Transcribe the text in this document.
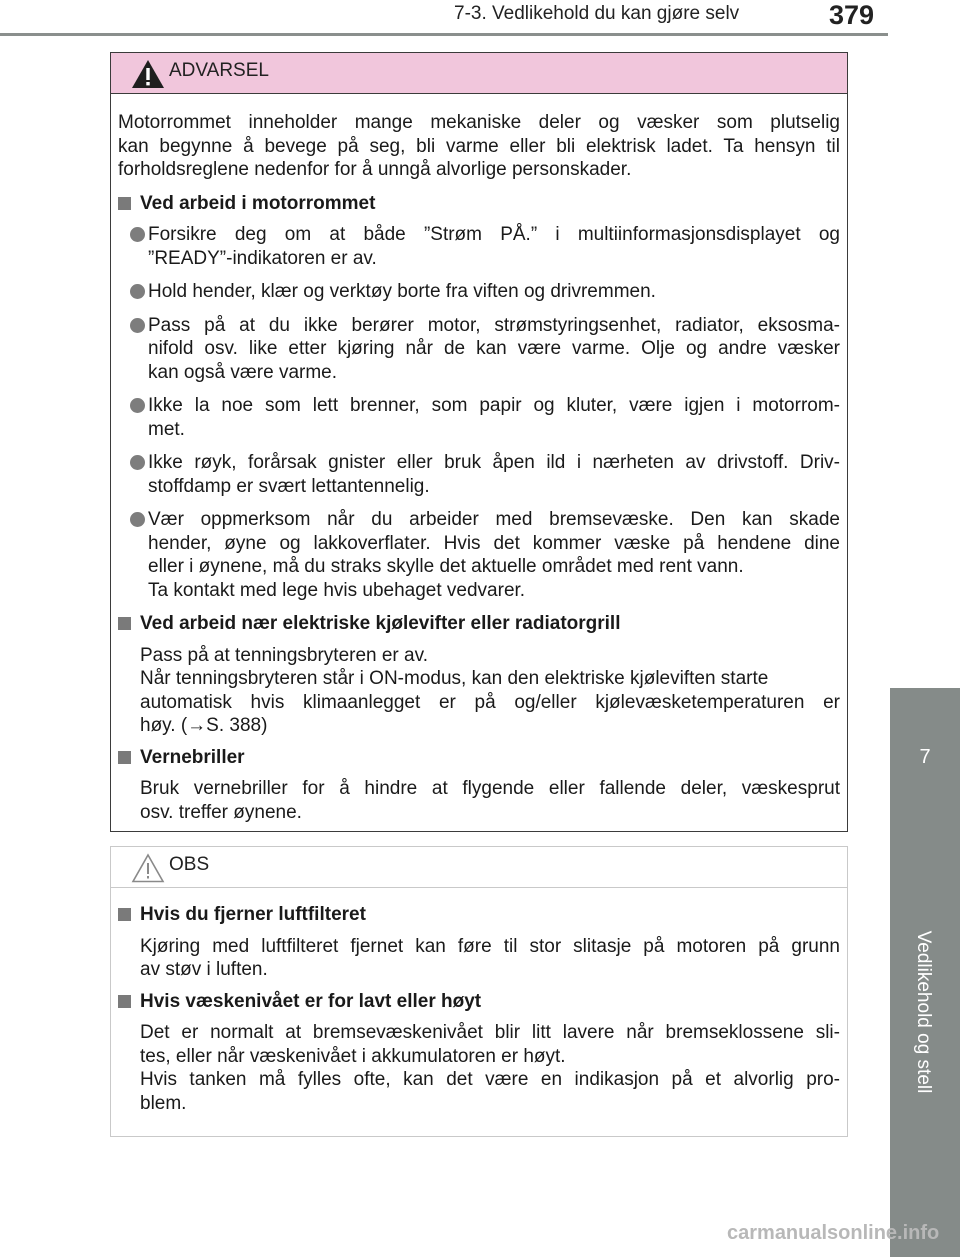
7-3. Vedlikehold du kan gjøre selv	379
7
Vedlikehold og stell
ADVARSEL
Motorrommet inneholder mange mekaniske deler og væsker som plutselig
kan begynne å bevege på seg, bli varme eller bli elektrisk ladet. Ta hensyn til
forholdsreglene nedenfor for å unngå alvorlige personskader.
Ved arbeid i motorrommet
Forsikre deg om at både ”Strøm PÅ.” i multiinformasjonsdisplayet og
”READY”-indikatoren er av.
Hold hender, klær og verktøy borte fra viften og drivremmen.
Pass på at du ikke berører motor, strømstyringsenhet, radiator, eksosma-
nifold osv. like etter kjøring når de kan være varme. Olje og andre væsker
kan også være varme.
Ikke la noe som lett brenner, som papir og kluter, være igjen i motorrom-
met.
Ikke røyk, forårsak gnister eller bruk åpen ild i nærheten av drivstoff. Driv-
stoffdamp er svært lettantennelig.
Vær oppmerksom når du arbeider med bremsevæske. Den kan skade
hender, øyne og lakkoverflater. Hvis det kommer væske på hendene dine
eller i øynene, må du straks skylle det aktuelle området med rent vann.
Ta kontakt med lege hvis ubehaget vedvarer.
Ved arbeid nær elektriske kjølevifter eller radiatorgrill
Pass på at tenningsbryteren er av.
Når tenningsbryteren står i ON-modus, kan den elektriske kjøleviften starte
automatisk hvis klimaanlegget er på og/eller kjølevæsketemperaturen er
høy. (→S. 388)
Vernebriller
Bruk vernebriller for å hindre at flygende eller fallende deler, væskesprut
osv. treffer øynene.
OBS
Hvis du fjerner luftfilteret
Kjøring med luftfilteret fjernet kan føre til stor slitasje på motoren på grunn
av støv i luften.
Hvis væskenivået er for lavt eller høyt
Det er normalt at bremsevæskenivået blir litt lavere når bremseklossene sli-
tes, eller når væskenivået i akkumulatoren er høyt.
Hvis tanken må fylles ofte, kan det være en indikasjon på et alvorlig pro-
blem.
carmanualsonline.info
